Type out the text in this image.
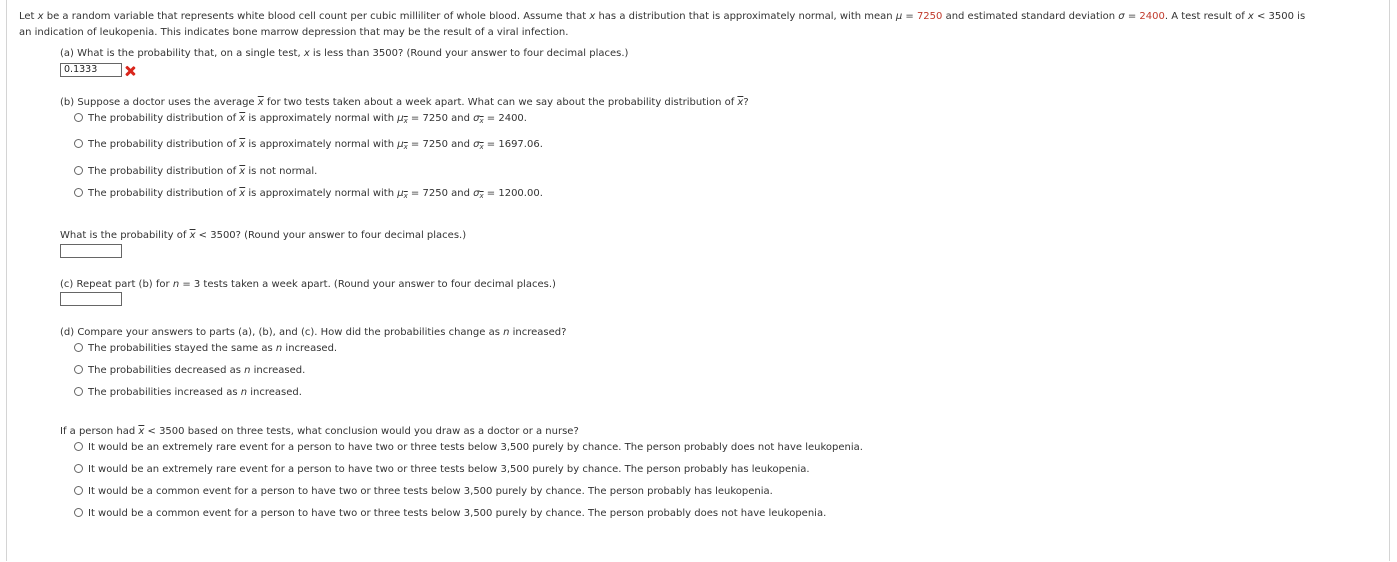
Let x be a random variable that represents white blood cell count per cubic milliliter of whole blood. Assume that x has a distribution that is approximately normal, with mean μ = 7250 and estimated standard deviation σ = 2400. A test result of x < 3500 is
an indication of leukopenia. This indicates bone marrow depression that may be the result of a viral infection.
(a) What is the probability that, on a single test, x is less than 3500? (Round your answer to four decimal places.)
0.1333
(b) Suppose a doctor uses the average $\overline{x}$ for two tests taken about a week apart. What can we say about the probability distribution of $\overline{x}$?
The probability distribution of $\overline{x}$ is approximately normal with $\mu_{\overline{x}} = 7250$ and $\sigma_{\overline{x}} = 2400$.
The probability distribution of $\overline{x}$ is approximately normal with $\mu_{\overline{x}} = 7250$ and $\sigma_{\overline{x}} = 1697.06$.
The probability distribution of $\overline{x}$ is not normal.
The probability distribution of $\overline{x}$ is approximately normal with $\mu_{\overline{x}} = 7250$ and $\sigma_{\overline{x}} = 1200.00$.
What is the probability of $\overline{x} < 3500$? (Round your answer to four decimal places.)
(c) Repeat part (b) for n = 3 tests taken a week apart. (Round your answer to four decimal places.)
(d) Compare your answers to parts (a), (b), and (c). How did the probabilities change as n increased?
The probabilities stayed the same as n increased.
The probabilities decreased as n increased.
The probabilities increased as n increased.
If a person had $\overline{x} < 3500$ based on three tests, what conclusion would you draw as a doctor or a nurse?
It would be an extremely rare event for a person to have two or three tests below 3,500 purely by chance. The person probably does not have leukopenia.
It would be an extremely rare event for a person to have two or three tests below 3,500 purely by chance. The person probably has leukopenia.
It would be a common event for a person to have two or three tests below 3,500 purely by chance. The person probably has leukopenia.
It would be a common event for a person to have two or three tests below 3,500 purely by chance. The person probably does not have leukopenia.
